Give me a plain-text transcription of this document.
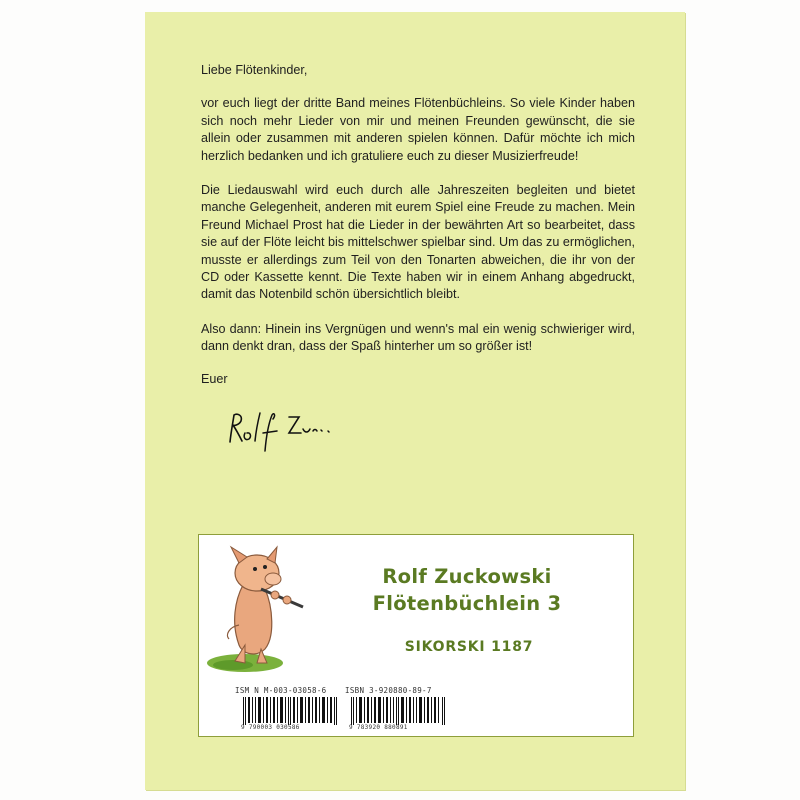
Liebe Flötenkinder,

vor euch liegt der dritte Band meines Flötenbüchleins. So viele Kinder haben sich noch mehr Lieder von mir und meinen Freunden gewünscht, die sie allein oder zusammen mit anderen spielen können. Dafür möchte ich mich herzlich bedanken und ich gratuliere euch zu dieser Musizierfreude!

Die Liedauswahl wird euch durch alle Jahreszeiten begleiten und bietet manche Gelegenheit, anderen mit eurem Spiel eine Freude zu machen. Mein Freund Michael Prost hat die Lieder in der bewährten Art so bearbeitet, dass sie auf der Flöte leicht bis mittelschwer spielbar sind. Um das zu ermöglichen, musste er allerdings zum Teil von den Tonarten abweichen, die ihr von der CD oder Kassette kennt. Die Texte haben wir in einem Anhang abgedruckt, damit das Notenbild schön übersichtlich bleibt.

Also dann: Hinein ins Vergnügen und wenn's mal ein wenig schwieriger wird, dann denkt dran, dass der Spaß hinterher um so größer ist!

Euer

Rolf Zuckowski
Flötenbüchlein 3
SIKORSKI 1187
ISM N M-003-03058-6 ISBN 3-920880-89-7
9 790003 030586	9 783920 880891
